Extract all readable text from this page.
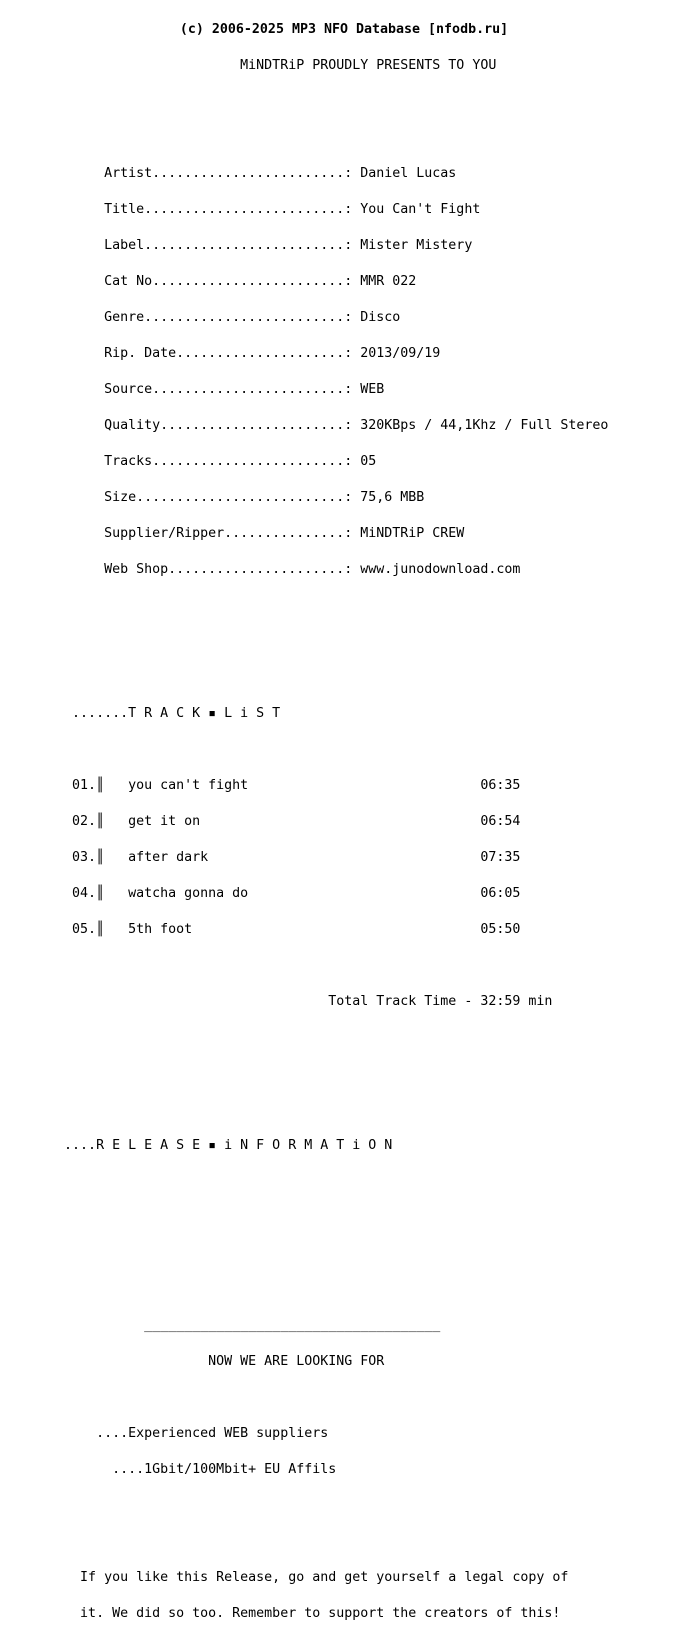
(c) 2006-2025 MP3 NFO Database [nfodb.ru]

MiNDTRiP PROUDLY PRESENTS TO YOU

Artist........................: Daniel Lucas

Title.........................: You Can't Fight

Label.........................: Mister Mistery

Cat No........................: MMR 022

Genre.........................: Disco

Rip. Date.....................: 2013/09/19

Source........................: WEB

Quality.......................: 320KBps / 44,1Khz / Full Stereo

Tracks........................: 05

Size..........................: 75,6 MBB

Supplier/Ripper...............: MiNDTRiP CREW

Web Shop......................: www.junodownload.com

.......T R A C K ▪ L i S T

01.║   you can't fight                             06:35

02.║   get it on                                   06:54

03.║   after dark                                  07:35

04.║   watcha gonna do                             06:05

05.║   5th foot                                    05:50

Total Track Time - 32:59 min

....R E L E A S E ▪ i N F O R M A T i O N

_____________________________________

NOW WE ARE LOOKING FOR

....Experienced WEB suppliers

....1Gbit/100Mbit+ EU Affils

If you like this Release, go and get yourself a legal copy of

it. We did so too. Remember to support the creators of this!
